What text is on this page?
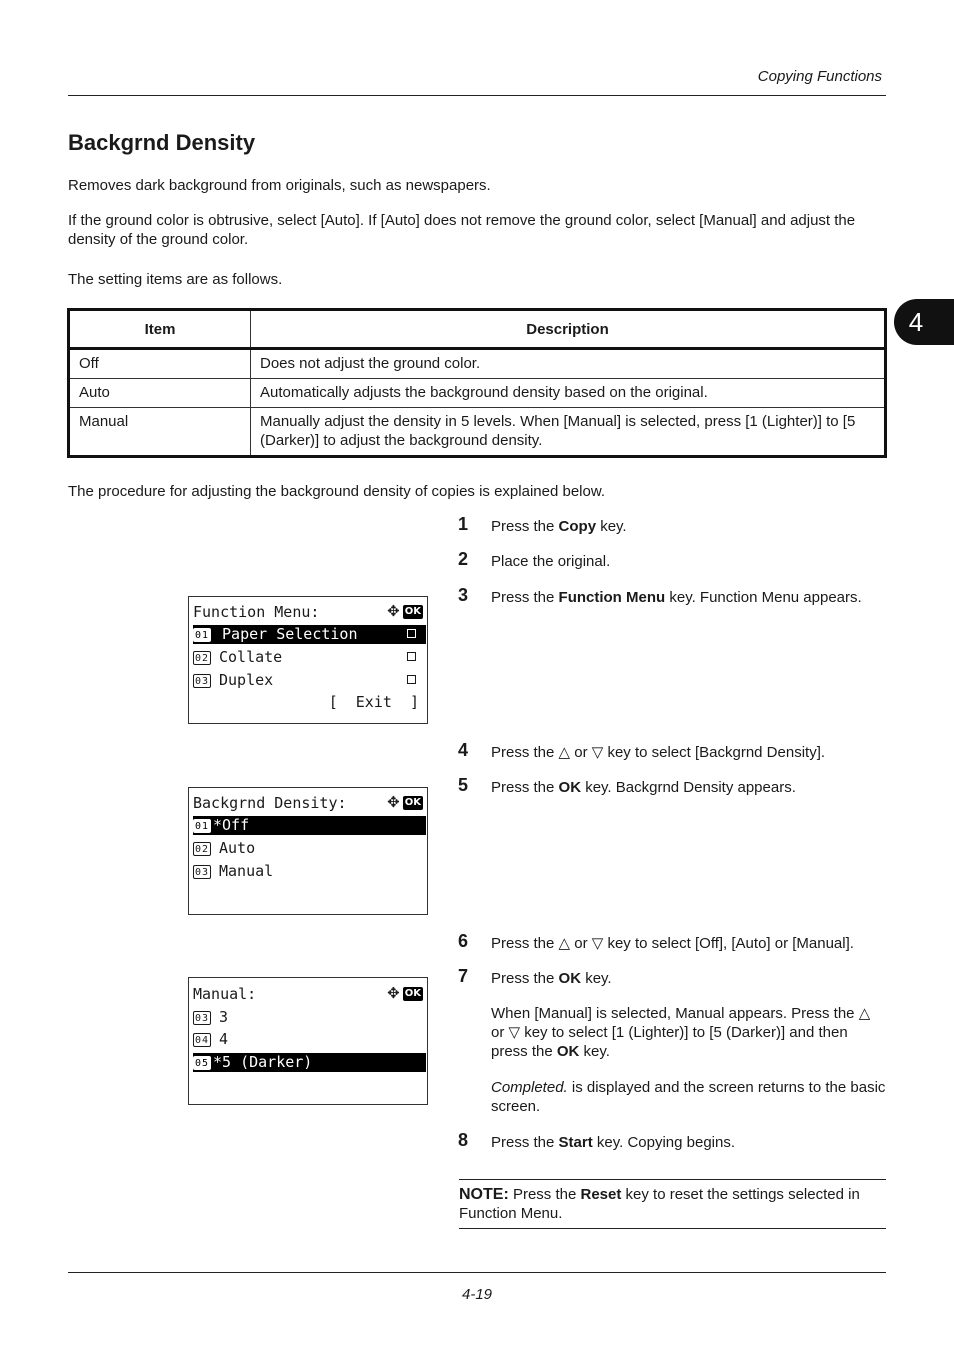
Copying Functions
4
Backgrnd Density
Removes dark background from originals, such as newspapers.
If the ground color is obtrusive, select [Auto]. If [Auto] does not remove the ground color, select [Manual] and adjust the density of the ground color.
The setting items are as follows.
Item	Description
Off	Does not adjust the ground color.
Auto	Automatically adjusts the background density based on the original.
Manual	Manually adjust the density in 5 levels. When [Manual] is selected, press [1 (Lighter)] to [5 (Darker)] to adjust the background density.
The procedure for adjusting the background density of copies is explained below.
1 Press the Copy key.
2 Place the original.
3 Press the Function Menu key. Function Menu appears.
4 Press the △ or ▽ key to select [Backgrnd Density].
5 Press the OK key. Backgrnd Density appears.
6 Press the △ or ▽ key to select [Off], [Auto] or [Manual].
7 Press the OK key.
When [Manual] is selected, Manual appears. Press the △ or ▽ key to select [1 (Lighter)] to [5 (Darker)] and then press the OK key.
Completed. is displayed and the screen returns to the basic screen.
8 Press the Start key. Copying begins.
NOTE: Press the Reset key to reset the settings selected in Function Menu.
Function Menu:	✥ OK
01 Paper Selection
02 Collate
03 Duplex
[  Exit  ]
Backgrnd Density:	✥ OK
01 *Off
02 Auto
03 Manual
Manual:	✥ OK
03 3
04 4
05 *5 (Darker)
4-19
